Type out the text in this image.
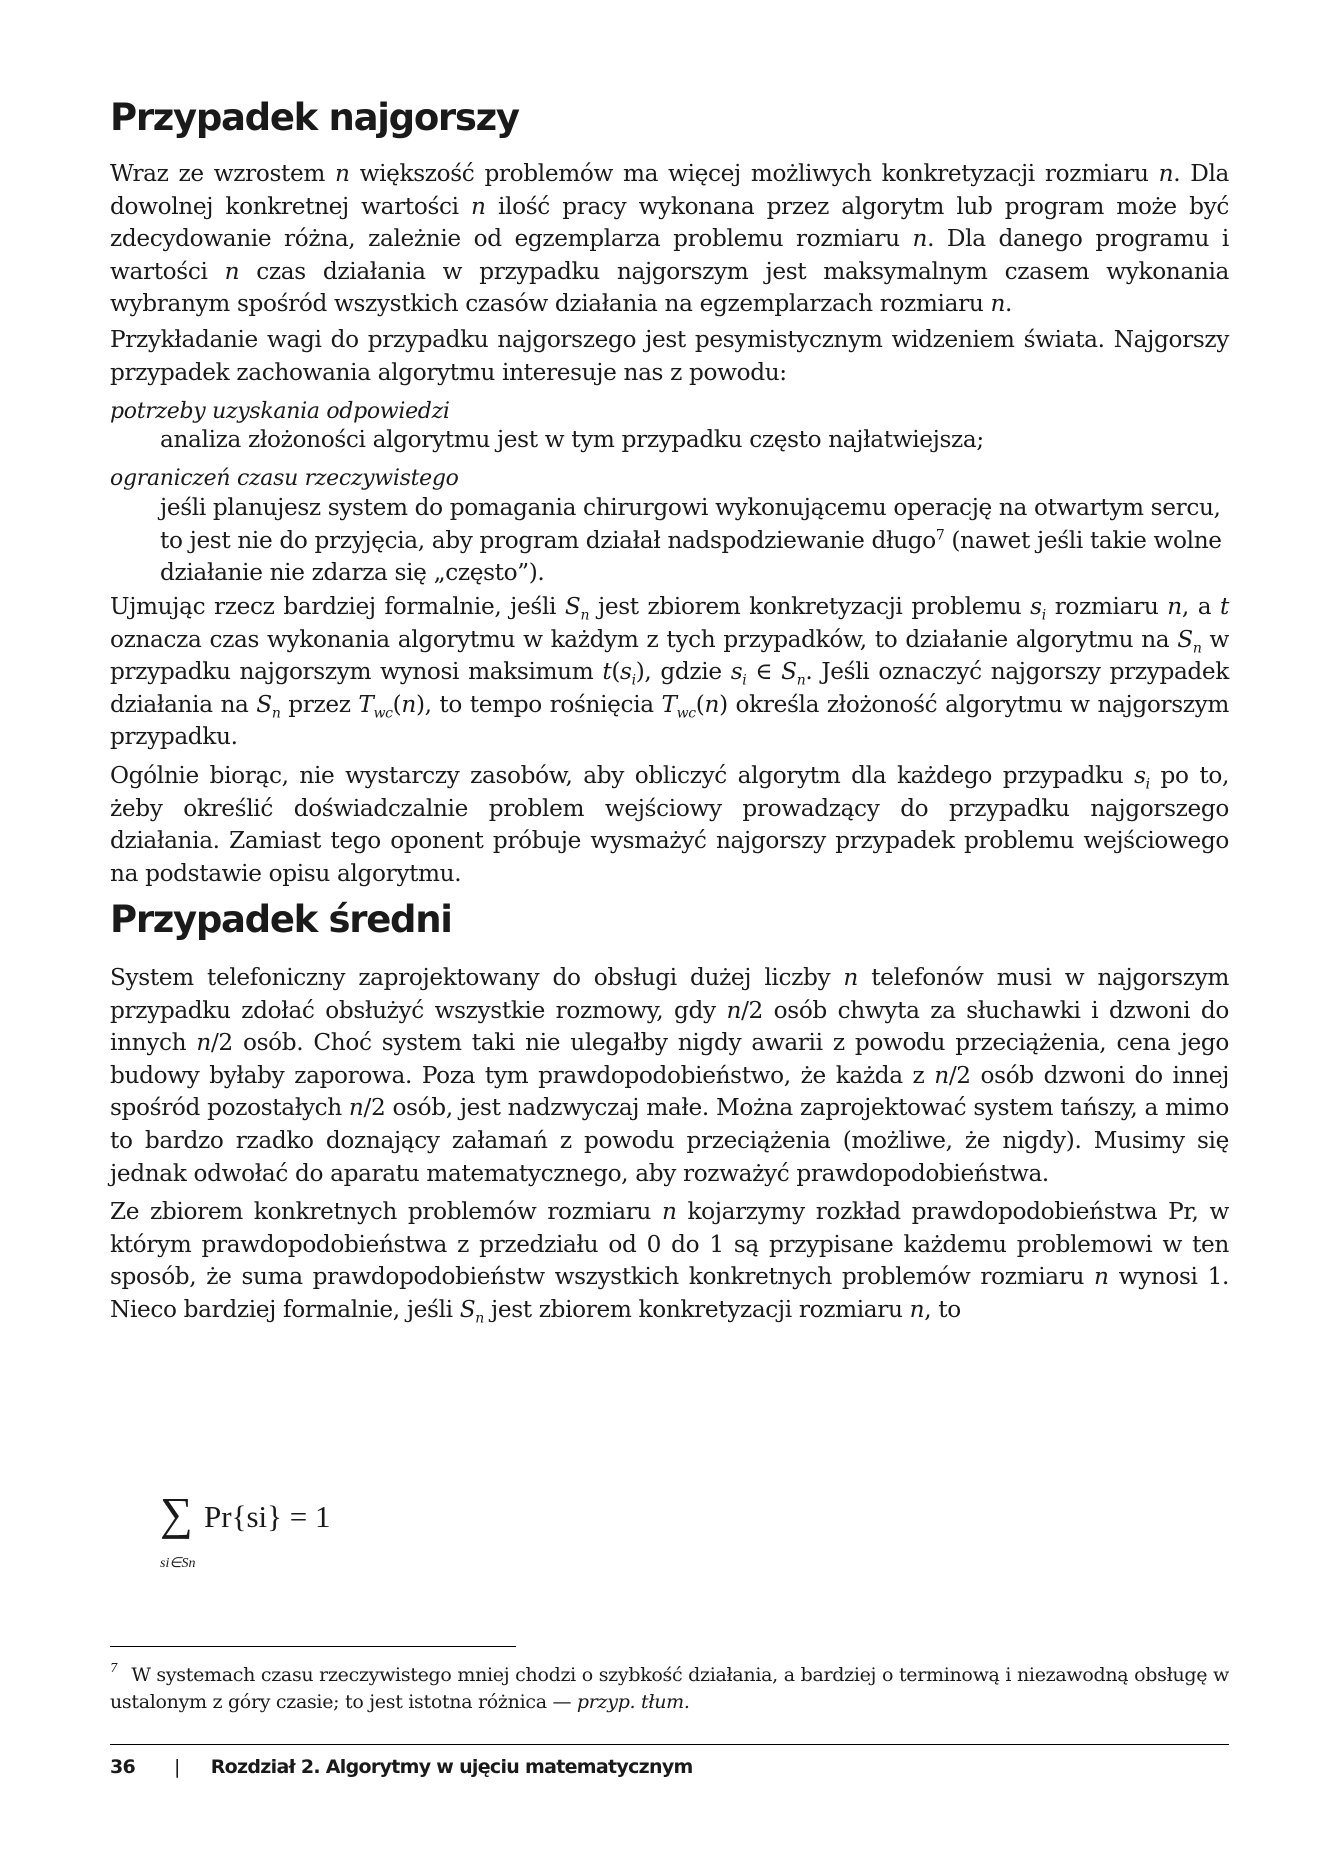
Przypadek najgorszy

Wraz ze wzrostem n większość problemów ma więcej możliwych konkretyzacji rozmiaru n. Dla dowolnej konkretnej wartości n ilość pracy wykonana przez algorytm lub program może być zdecydowanie różna, zależnie od egzemplarza problemu rozmiaru n. Dla danego programu i wartości n czas działania w przypadku najgorszym jest maksymalnym czasem wykonania wybranym spośród wszystkich czasów działania na egzemplarzach rozmiaru n.

Przykładanie wagi do przypadku najgorszego jest pesymistycznym widzeniem świata. Najgorszy przypadek zachowania algorytmu interesuje nas z powodu:

potrzeby uzyskania odpowiedzi

analiza złożoności algorytmu jest w tym przypadku często najłatwiejsza;

ograniczeń czasu rzeczywistego

jeśli planujesz system do pomagania chirurgowi wykonującemu operację na otwartym sercu, to jest nie do przyjęcia, aby program działał nadspodziewanie długo$^7$ (nawet jeśli takie wolne działanie nie zdarza się „często”).

Ujmując rzecz bardziej formalnie, jeśli $S_n$ jest zbiorem konkretyzacji problemu $s_i$ rozmiaru n, a t oznacza czas wykonania algorytmu w każdym z tych przypadków, to działanie algorytmu na $S_n$ w przypadku najgorszym wynosi maksimum $t(s_i)$, gdzie $s_i$ ∈ $S_n$. Jeśli oznaczyć najgorszy przypadek działania na $S_n$ przez $T_{wc}(n)$, to tempo rośnięcia $T_{wc}(n)$ określa złożoność algorytmu w najgorszym przypadku.

Ogólnie biorąc, nie wystarczy zasobów, aby obliczyć algorytm dla każdego przypadku $s_i$ po to, żeby określić doświadczalnie problem wejściowy prowadzący do przypadku najgorszego działania. Zamiast tego oponent próbuje wysmażyć najgorszy przypadek problemu wejściowego na podstawie opisu algorytmu.

Przypadek średni

System telefoniczny zaprojektowany do obsługi dużej liczby n telefonów musi w najgorszym przypadku zdołać obsłużyć wszystkie rozmowy, gdy n/2 osób chwyta za słuchawki i dzwoni do innych n/2 osób. Choć system taki nie ulegałby nigdy awarii z powodu przeciążenia, cena jego budowy byłaby zaporowa. Poza tym prawdopodobieństwo, że każda z n/2 osób dzwoni do innej spośród pozostałych n/2 osób, jest nadzwyczaj małe. Można zaprojektować system tańszy, a mimo to bardzo rzadko doznający załamań z powodu przeciążenia (możliwe, że nigdy). Musimy się jednak odwołać do aparatu matematycznego, aby rozważyć prawdopodobieństwa.

Ze zbiorem konkretnych problemów rozmiaru n kojarzymy rozkład prawdopodobieństwa Pr, w którym prawdopodobieństwa z przedziału od 0 do 1 są przypisane każdemu problemowi w ten sposób, że suma prawdopodobieństw wszystkich konkretnych problemów rozmiaru n wynosi 1. Nieco bardziej formalnie, jeśli $S_n$ jest zbiorem konkretyzacji rozmiaru n, to

∑ Pr{si} = 1
si∈Sn

$^7$ W systemach czasu rzeczywistego mniej chodzi o szybkość działania, a bardziej o terminową i niezawodną obsługę w ustalonym z góry czasie; to jest istotna różnica — przyp. tłum.

36 | Rozdział 2. Algorytmy w ujęciu matematycznym
